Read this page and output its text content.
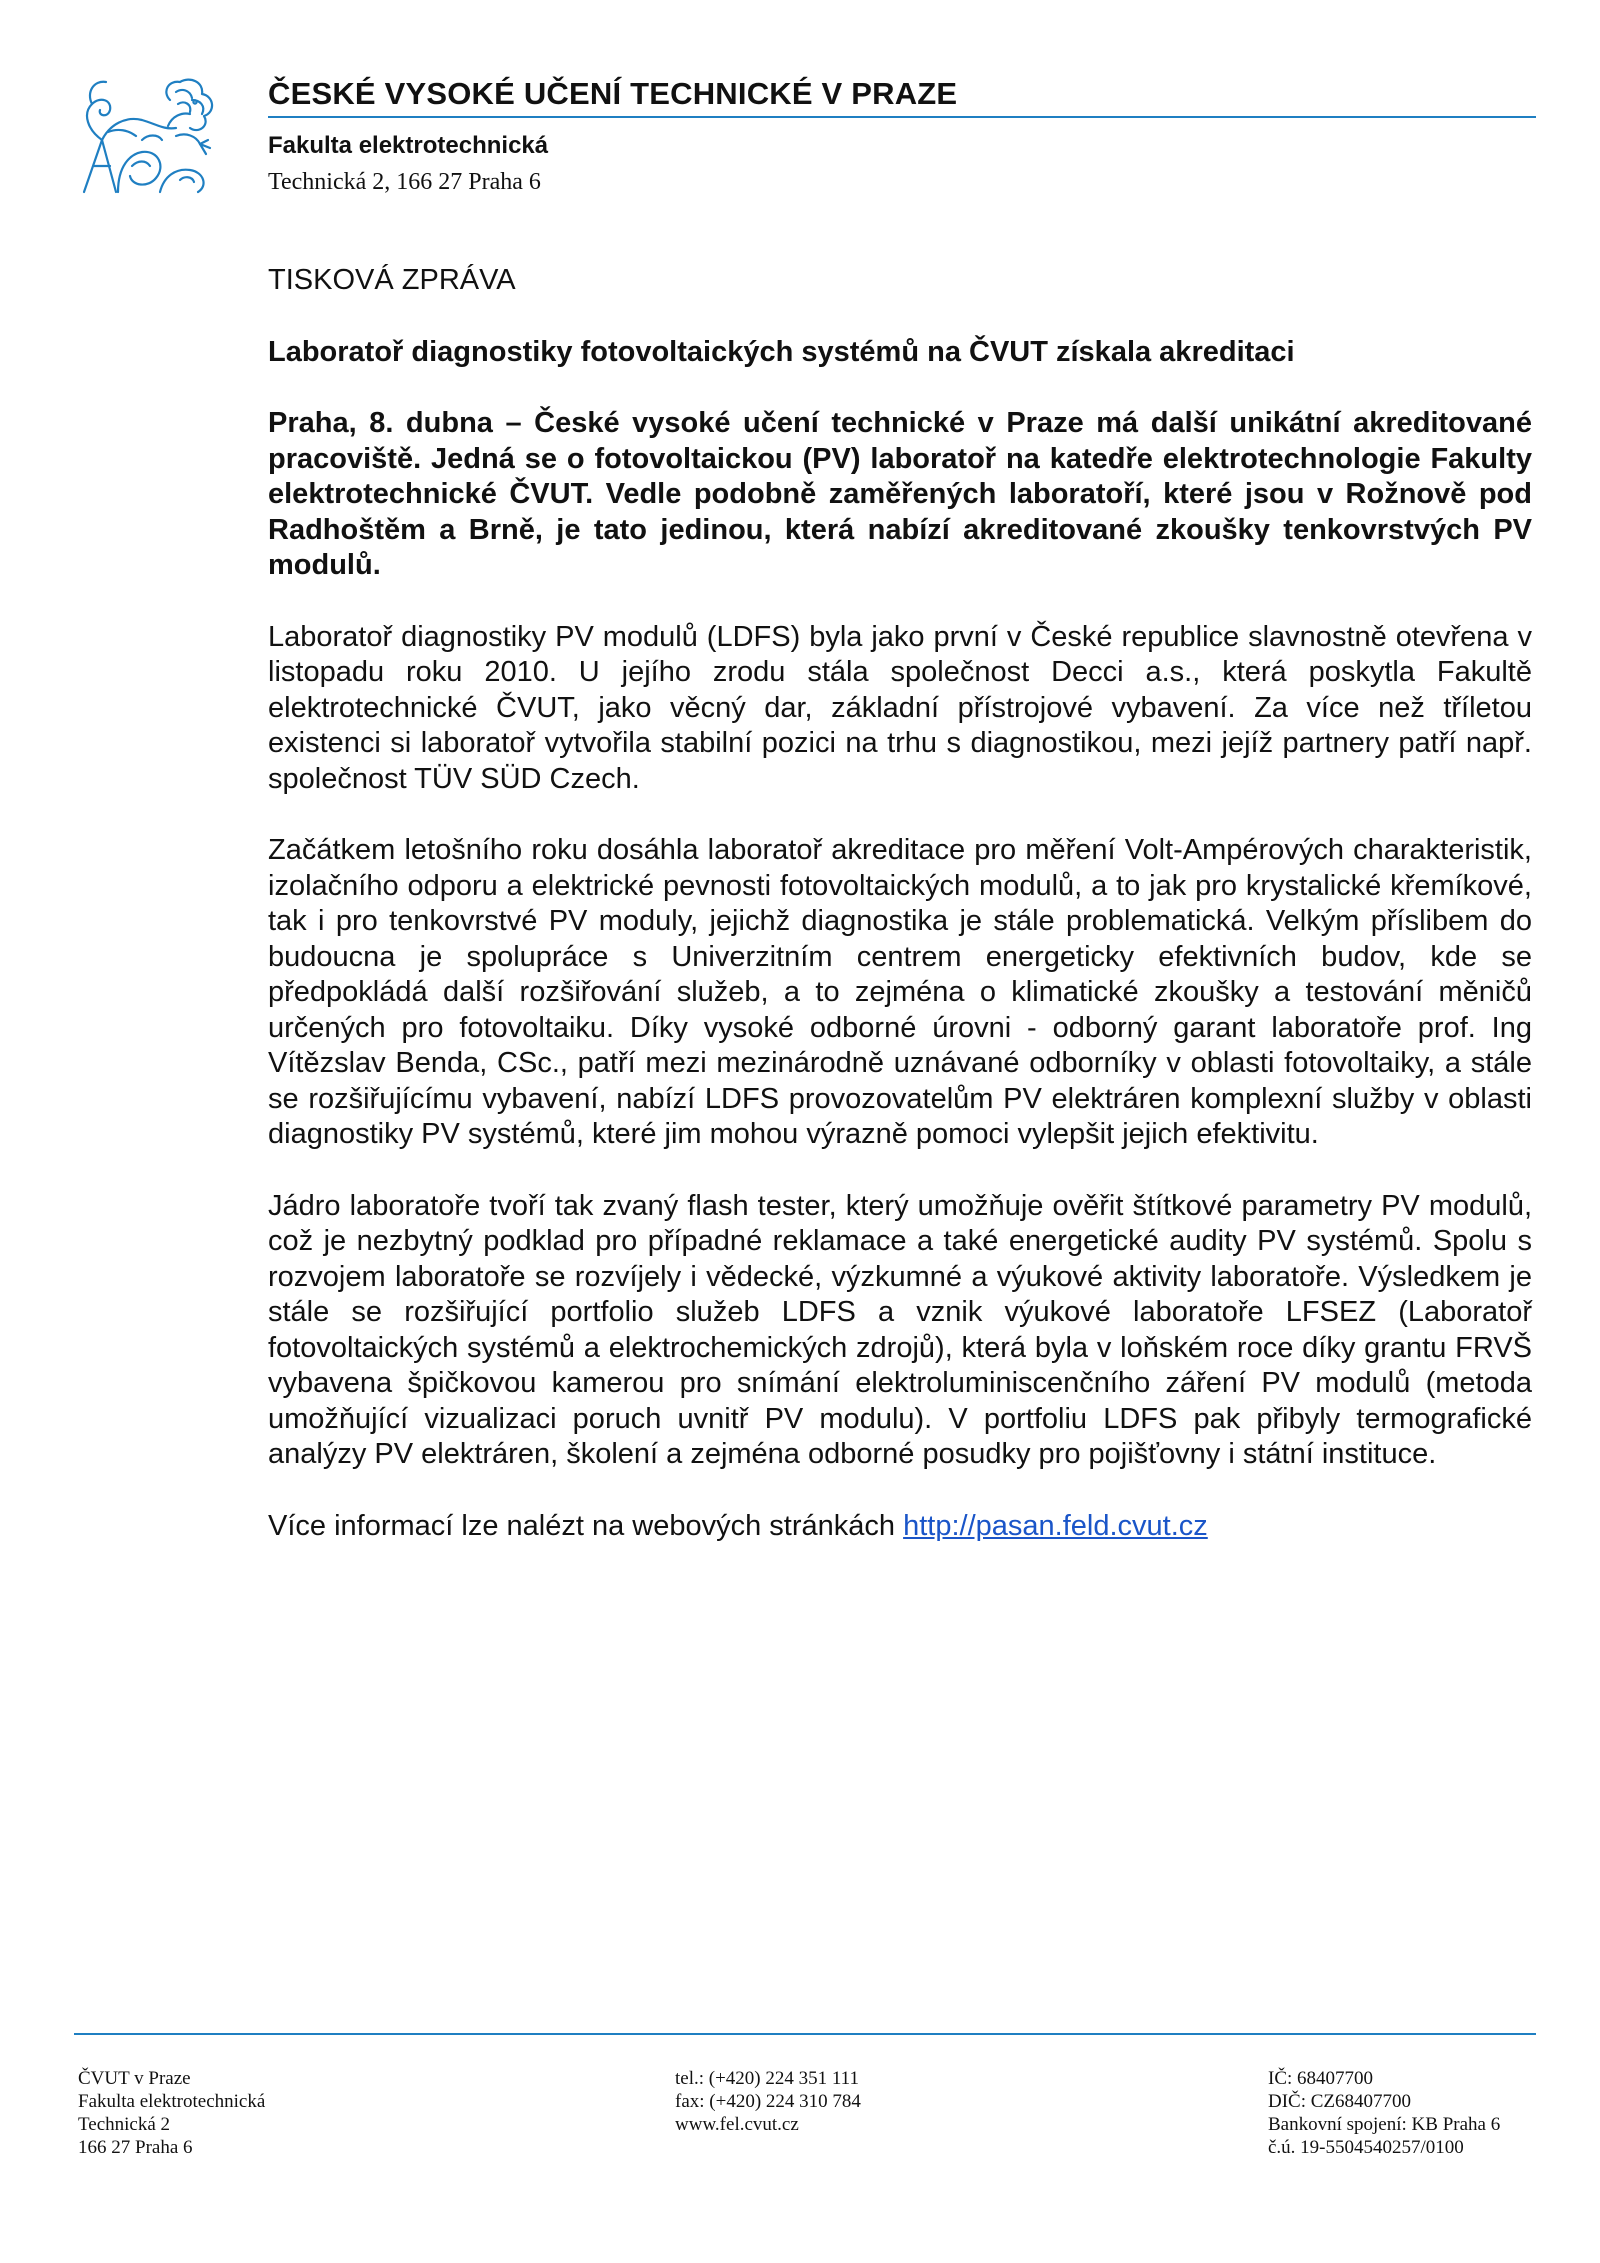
ČESKÉ VYSOKÉ UČENÍ TECHNICKÉ V PRAZE
Fakulta elektrotechnická
Technická 2, 166 27 Praha 6

TISKOVÁ ZPRÁVA

Laboratoř diagnostiky fotovoltaických systémů na ČVUT získala akreditaci

Praha, 8. dubna – České vysoké učení technické v Praze má další unikátní akreditované pracoviště. Jedná se o fotovoltaickou (PV) laboratoř na katedře elektrotechnologie Fakulty elektrotechnické ČVUT. Vedle podobně zaměřených laboratoří, které jsou v Rožnově pod Radhoštěm a Brně, je tato jedinou, která nabízí akreditované zkoušky tenkovrstvých PV modulů.

Laboratoř diagnostiky PV modulů (LDFS) byla jako první v České republice slavnostně otevřena v listopadu roku 2010. U jejího zrodu stála společnost Decci a.s., která poskytla Fakultě elektrotechnické ČVUT, jako věcný dar, základní přístrojové vybavení. Za více než tříletou existenci si laboratoř vytvořila stabilní pozici na trhu s diagnostikou, mezi jejíž partnery patří např. společnost TÜV SÜD Czech.

Začátkem letošního roku dosáhla laboratoř akreditace pro měření Volt-Ampérových charakteristik, izolačního odporu a elektrické pevnosti fotovoltaických modulů, a to jak pro krystalické křemíkové, tak i pro tenkovrstvé PV moduly, jejichž diagnostika je stále problematická. Velkým příslibem do budoucna je spolupráce s Univerzitním centrem energeticky efektivních budov, kde se předpokládá další rozšiřování služeb, a to zejména o klimatické zkoušky a testování měničů určených pro fotovoltaiku. Díky vysoké odborné úrovni - odborný garant laboratoře prof. Ing Vítězslav Benda, CSc., patří mezi mezinárodně uznávané odborníky v oblasti fotovoltaiky, a stále se rozšiřujícímu vybavení, nabízí LDFS provozovatelům PV elektráren komplexní služby v oblasti diagnostiky PV systémů, které jim mohou výrazně pomoci vylepšit jejich efektivitu.

Jádro laboratoře tvoří tak zvaný flash tester, který umožňuje ověřit štítkové parametry PV modulů, což je nezbytný podklad pro případné reklamace a také energetické audity PV systémů. Spolu s rozvojem laboratoře se rozvíjely i vědecké, výzkumné a výukové aktivity laboratoře. Výsledkem je stále se rozšiřující portfolio služeb LDFS a vznik výukové laboratoře LFSEZ (Laboratoř fotovoltaických systémů a elektrochemických zdrojů), která byla v loňském roce díky grantu FRVŠ vybavena špičkovou kamerou pro snímání elektroluminiscenčního záření PV modulů (metoda umožňující vizualizaci poruch uvnitř PV modulu). V portfoliu LDFS pak přibyly termografické analýzy PV elektráren, školení a zejména odborné posudky pro pojišťovny i státní instituce.

Více informací lze nalézt na webových stránkách http://pasan.feld.cvut.cz

ČVUT v Praze
Fakulta elektrotechnická
Technická 2
166 27 Praha 6
tel.: (+420) 224 351 111
fax: (+420) 224 310 784
www.fel.cvut.cz
IČ: 68407700
DIČ: CZ68407700
Bankovní spojení: KB Praha 6
č.ú. 19-5504540257/0100
